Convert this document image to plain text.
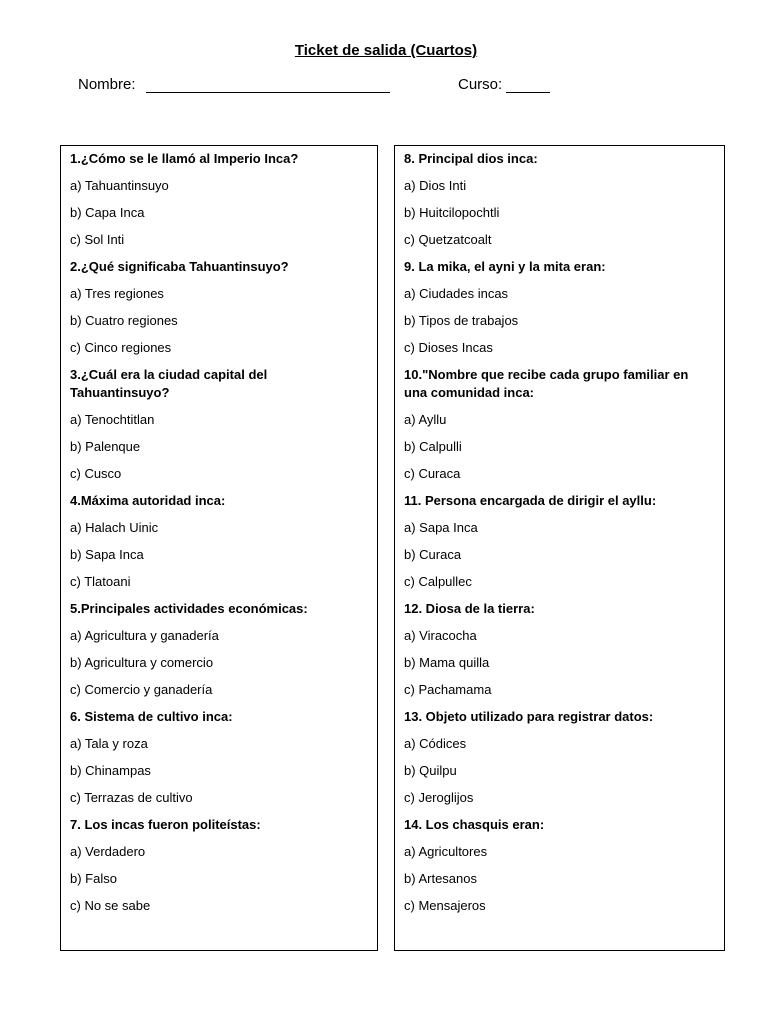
Ticket de salida (Cuartos)
Nombre:	Curso:
1.¿Cómo se le llamó al Imperio Inca?
a) Tahuantinsuyo
b) Capa Inca
c) Sol Inti
2.¿Qué significaba Tahuantinsuyo?
a) Tres regiones
b) Cuatro regiones
c) Cinco regiones
3.¿Cuál era la ciudad capital del Tahuantinsuyo?
a) Tenochtitlan
b) Palenque
c) Cusco
4.Máxima autoridad inca:
a) Halach Uinic
b) Sapa Inca
c) Tlatoani
5.Principales actividades económicas:
a) Agricultura y ganadería
b) Agricultura y comercio
c) Comercio y ganadería
6. Sistema de cultivo inca:
a) Tala y roza
b) Chinampas
c) Terrazas de cultivo
7. Los incas fueron politeístas:
a) Verdadero
b) Falso
c) No se sabe
8. Principal dios inca:
a) Dios Inti
b) Huitcilopochtli
c) Quetzatcoalt
9. La mika, el ayni y la mita eran:
a) Ciudades incas
b) Tipos de trabajos
c) Dioses Incas
10."Nombre que recibe cada grupo familiar en una comunidad inca:
a) Ayllu
b) Calpulli
c) Curaca
11. Persona encargada de dirigir el ayllu:
a) Sapa Inca
b) Curaca
c) Calpullec
12. Diosa de la tierra:
a) Viracocha
b) Mama quilla
c) Pachamama
13. Objeto utilizado para registrar datos:
a) Códices
b) Quilpu
c) Jeroglijos
14. Los chasquis eran:
a) Agricultores
b) Artesanos
c) Mensajeros
